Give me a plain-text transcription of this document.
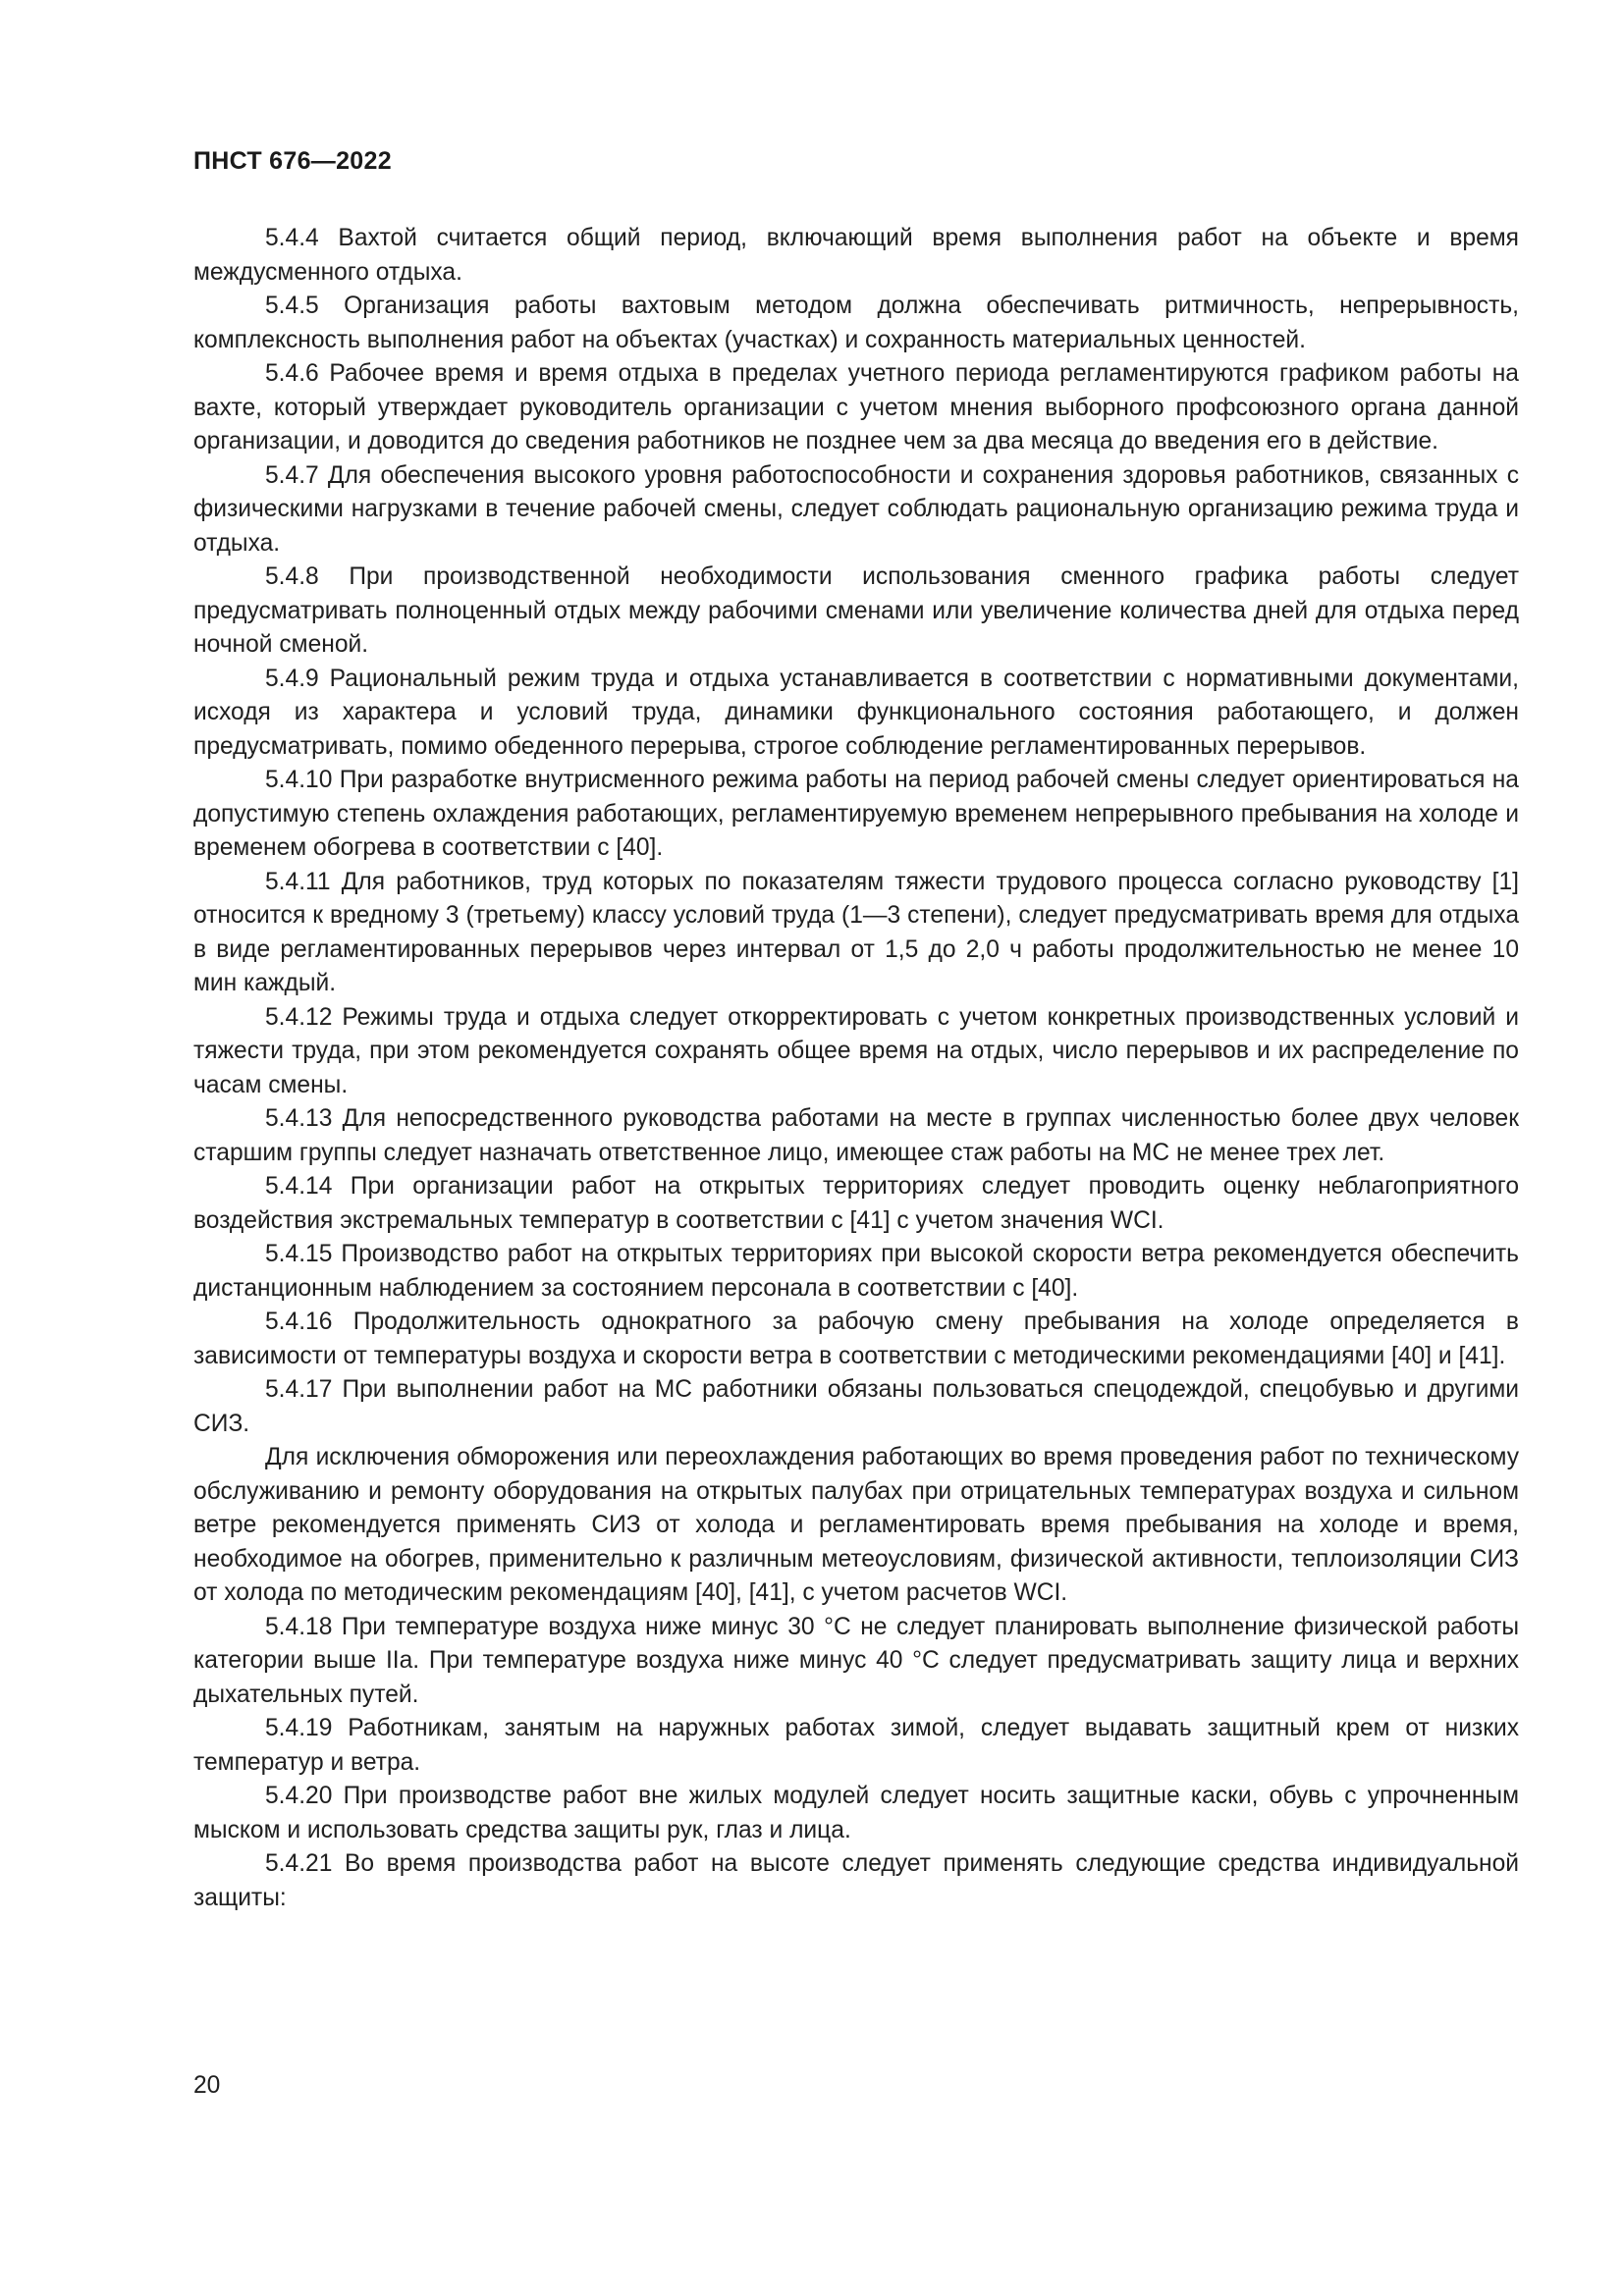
ПНСТ 676—2022

5.4.4 Вахтой считается общий период, включающий время выполнения работ на объекте и время междусменного отдыха.

5.4.5 Организация работы вахтовым методом должна обеспечивать ритмичность, непрерывность, комплексность выполнения работ на объектах (участках) и сохранность материальных ценностей.

5.4.6 Рабочее время и время отдыха в пределах учетного периода регламентируются графиком работы на вахте, который утверждает руководитель организации с учетом мнения выборного профсоюзного органа данной организации, и доводится до сведения работников не позднее чем за два месяца до введения его в действие.

5.4.7 Для обеспечения высокого уровня работоспособности и сохранения здоровья работников, связанных с физическими нагрузками в течение рабочей смены, следует соблюдать рациональную организацию режима труда и отдыха.

5.4.8 При производственной необходимости использования сменного графика работы следует предусматривать полноценный отдых между рабочими сменами или увеличение количества дней для отдыха перед ночной сменой.

5.4.9 Рациональный режим труда и отдыха устанавливается в соответствии с нормативными документами, исходя из характера и условий труда, динамики функционального состояния работающего, и должен предусматривать, помимо обеденного перерыва, строгое соблюдение регламентированных перерывов.

5.4.10 При разработке внутрисменного режима работы на период рабочей смены следует ориентироваться на допустимую степень охлаждения работающих, регламентируемую временем непрерывного пребывания на холоде и временем обогрева в соответствии с [40].

5.4.11 Для работников, труд которых по показателям тяжести трудового процесса согласно руководству [1] относится к вредному 3 (третьему) классу условий труда (1—3 степени), следует предусматривать время для отдыха в виде регламентированных перерывов через интервал от 1,5 до 2,0 ч работы продолжительностью не менее 10 мин каждый.

5.4.12 Режимы труда и отдыха следует откорректировать с учетом конкретных производственных условий и тяжести труда, при этом рекомендуется сохранять общее время на отдых, число перерывов и их распределение по часам смены.

5.4.13 Для непосредственного руководства работами на месте в группах численностью более двух человек старшим группы следует назначать ответственное лицо, имеющее стаж работы на МС не менее трех лет.

5.4.14 При организации работ на открытых территориях следует проводить оценку неблагоприятного воздействия экстремальных температур в соответствии с [41] с учетом значения WCI.

5.4.15 Производство работ на открытых территориях при высокой скорости ветра рекомендуется обеспечить дистанционным наблюдением за состоянием персонала в соответствии с [40].

5.4.16 Продолжительность однократного за рабочую смену пребывания на холоде определяется в зависимости от температуры воздуха и скорости ветра в соответствии с методическими рекомендациями [40] и [41].

5.4.17 При выполнении работ на МС работники обязаны пользоваться спецодеждой, спецобувью и другими СИЗ.

Для исключения обморожения или переохлаждения работающих во время проведения работ по техническому обслуживанию и ремонту оборудования на открытых палубах при отрицательных температурах воздуха и сильном ветре рекомендуется применять СИЗ от холода и регламентировать время пребывания на холоде и время, необходимое на обогрев, применительно к различным метеоусловиям, физической активности, теплоизоляции СИЗ от холода по методическим рекомендациям [40], [41], с учетом расчетов WCI.

5.4.18 При температуре воздуха ниже минус 30 °С не следует планировать выполнение физической работы категории выше IIа. При температуре воздуха ниже минус 40 °С следует предусматривать защиту лица и верхних дыхательных путей.

5.4.19 Работникам, занятым на наружных работах зимой, следует выдавать защитный крем от низких температур и ветра.

5.4.20 При производстве работ вне жилых модулей следует носить защитные каски, обувь с упрочненным мыском и использовать средства защиты рук, глаз и лица.

5.4.21 Во время производства работ на высоте следует применять следующие средства индивидуальной защиты:

20
